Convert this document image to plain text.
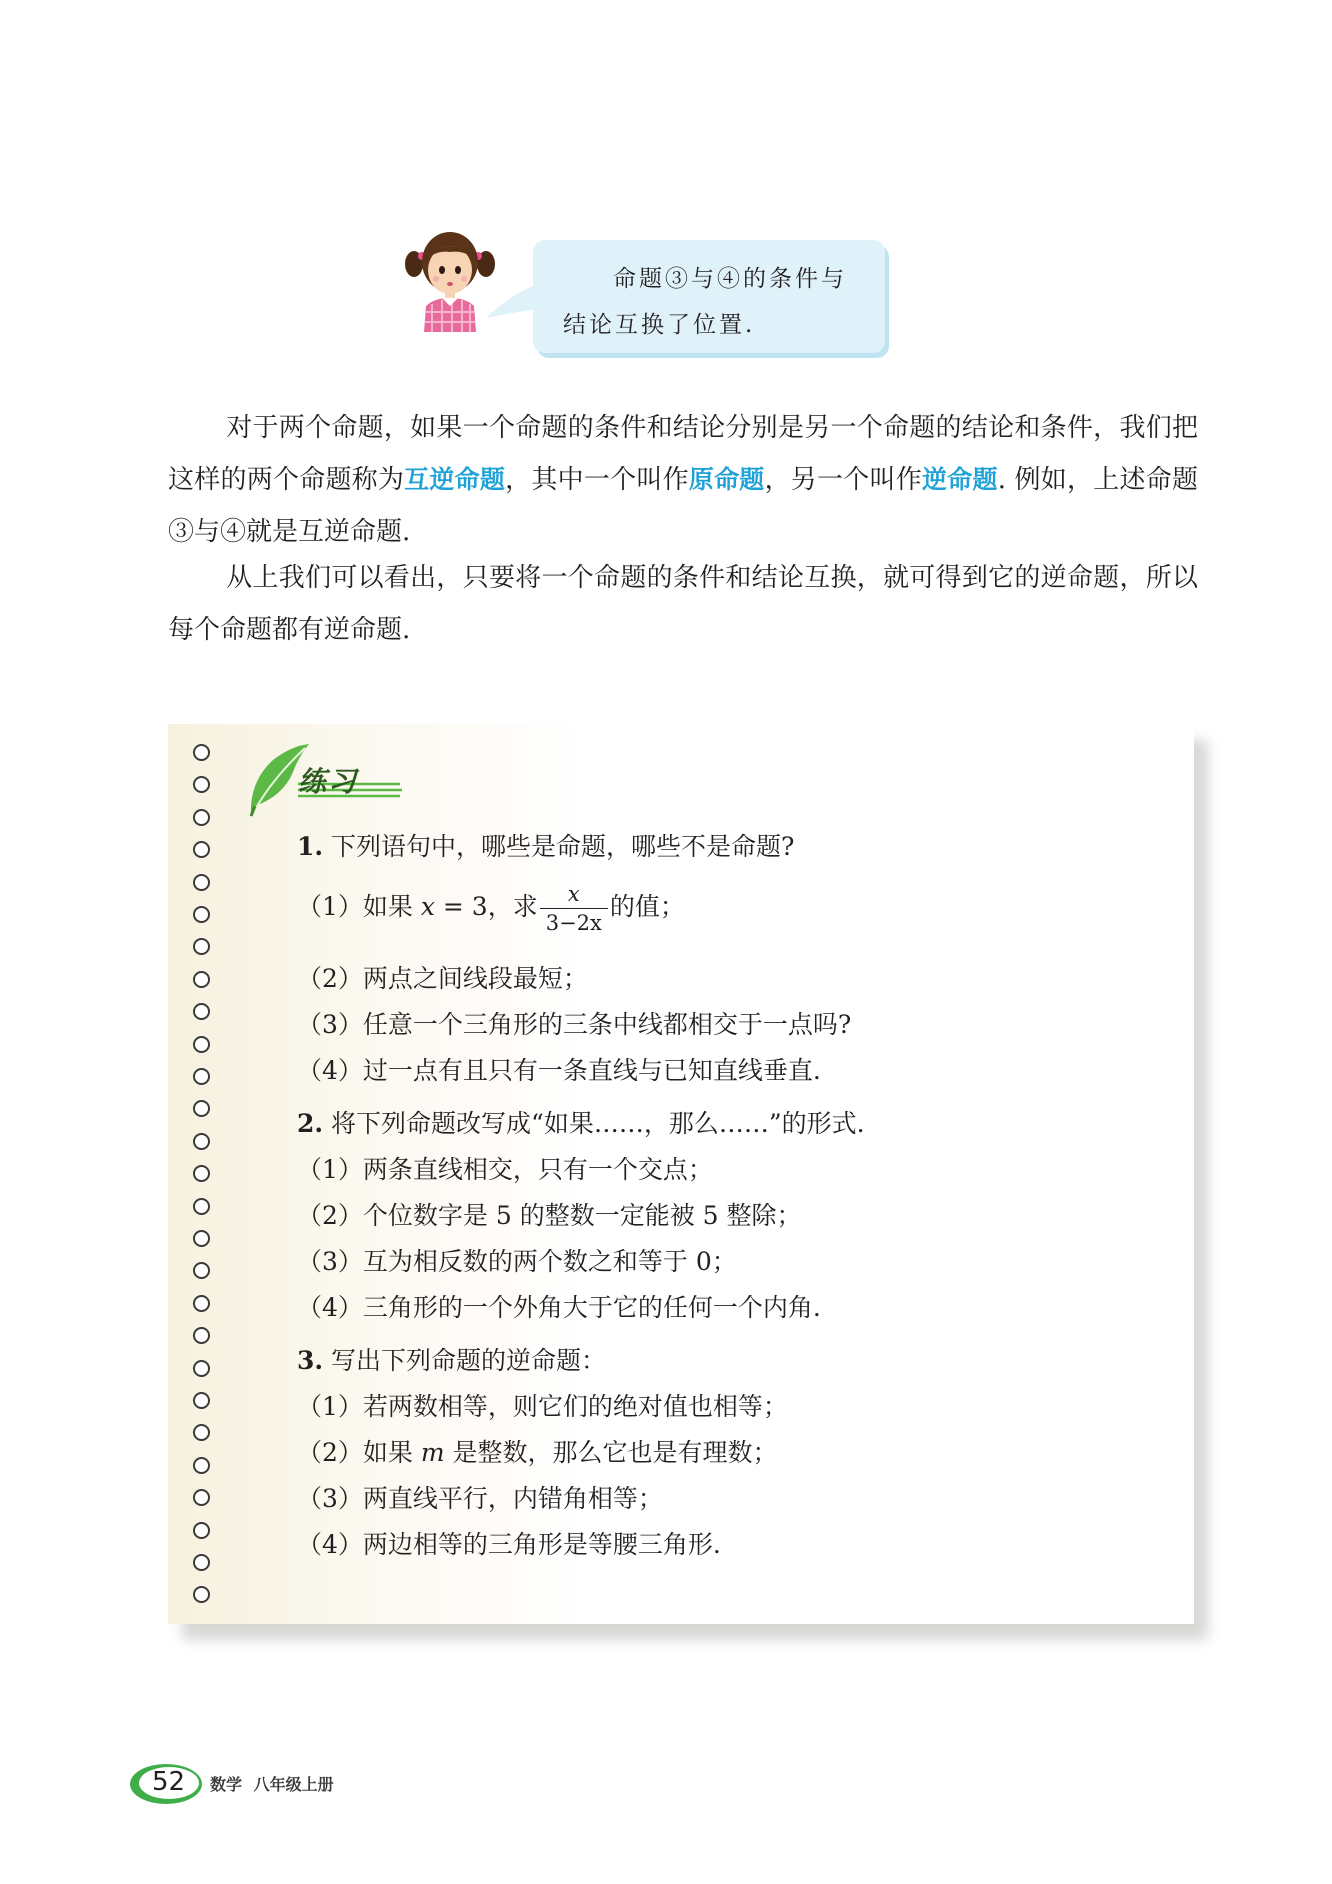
命题③与④的条件与
结论互换了位置.
对于两个命题，如果一个命题的条件和结论分别是另一个命题的结论和条件，我们把这样的两个命题称为互逆命题，其中一个叫作原命题，另一个叫作逆命题. 例如，上述命题③与④就是互逆命题.
从上我们可以看出，只要将一个命题的条件和结论互换，就可得到它的逆命题，所以每个命题都有逆命题.
练习
1. 下列语句中，哪些是命题，哪些不是命题?
（1）如果 x = 3，求 $\frac{x}{3-2x}$ 的值；
（2）两点之间线段最短；
（3）任意一个三角形的三条中线都相交于一点吗?
（4）过一点有且只有一条直线与已知直线垂直.
2. 将下列命题改写成“如果……，那么……”的形式.
（1）两条直线相交，只有一个交点；
（2）个位数字是 5 的整数一定能被 5 整除；
（3）互为相反数的两个数之和等于 0；
（4）三角形的一个外角大于它的任何一个内角.
3. 写出下列命题的逆命题：
（1）若两数相等，则它们的绝对值也相等；
（2）如果 m 是整数，那么它也是有理数；
（3）两直线平行，内错角相等；
（4）两边相等的三角形是等腰三角形.
52 数学 八年级上册
